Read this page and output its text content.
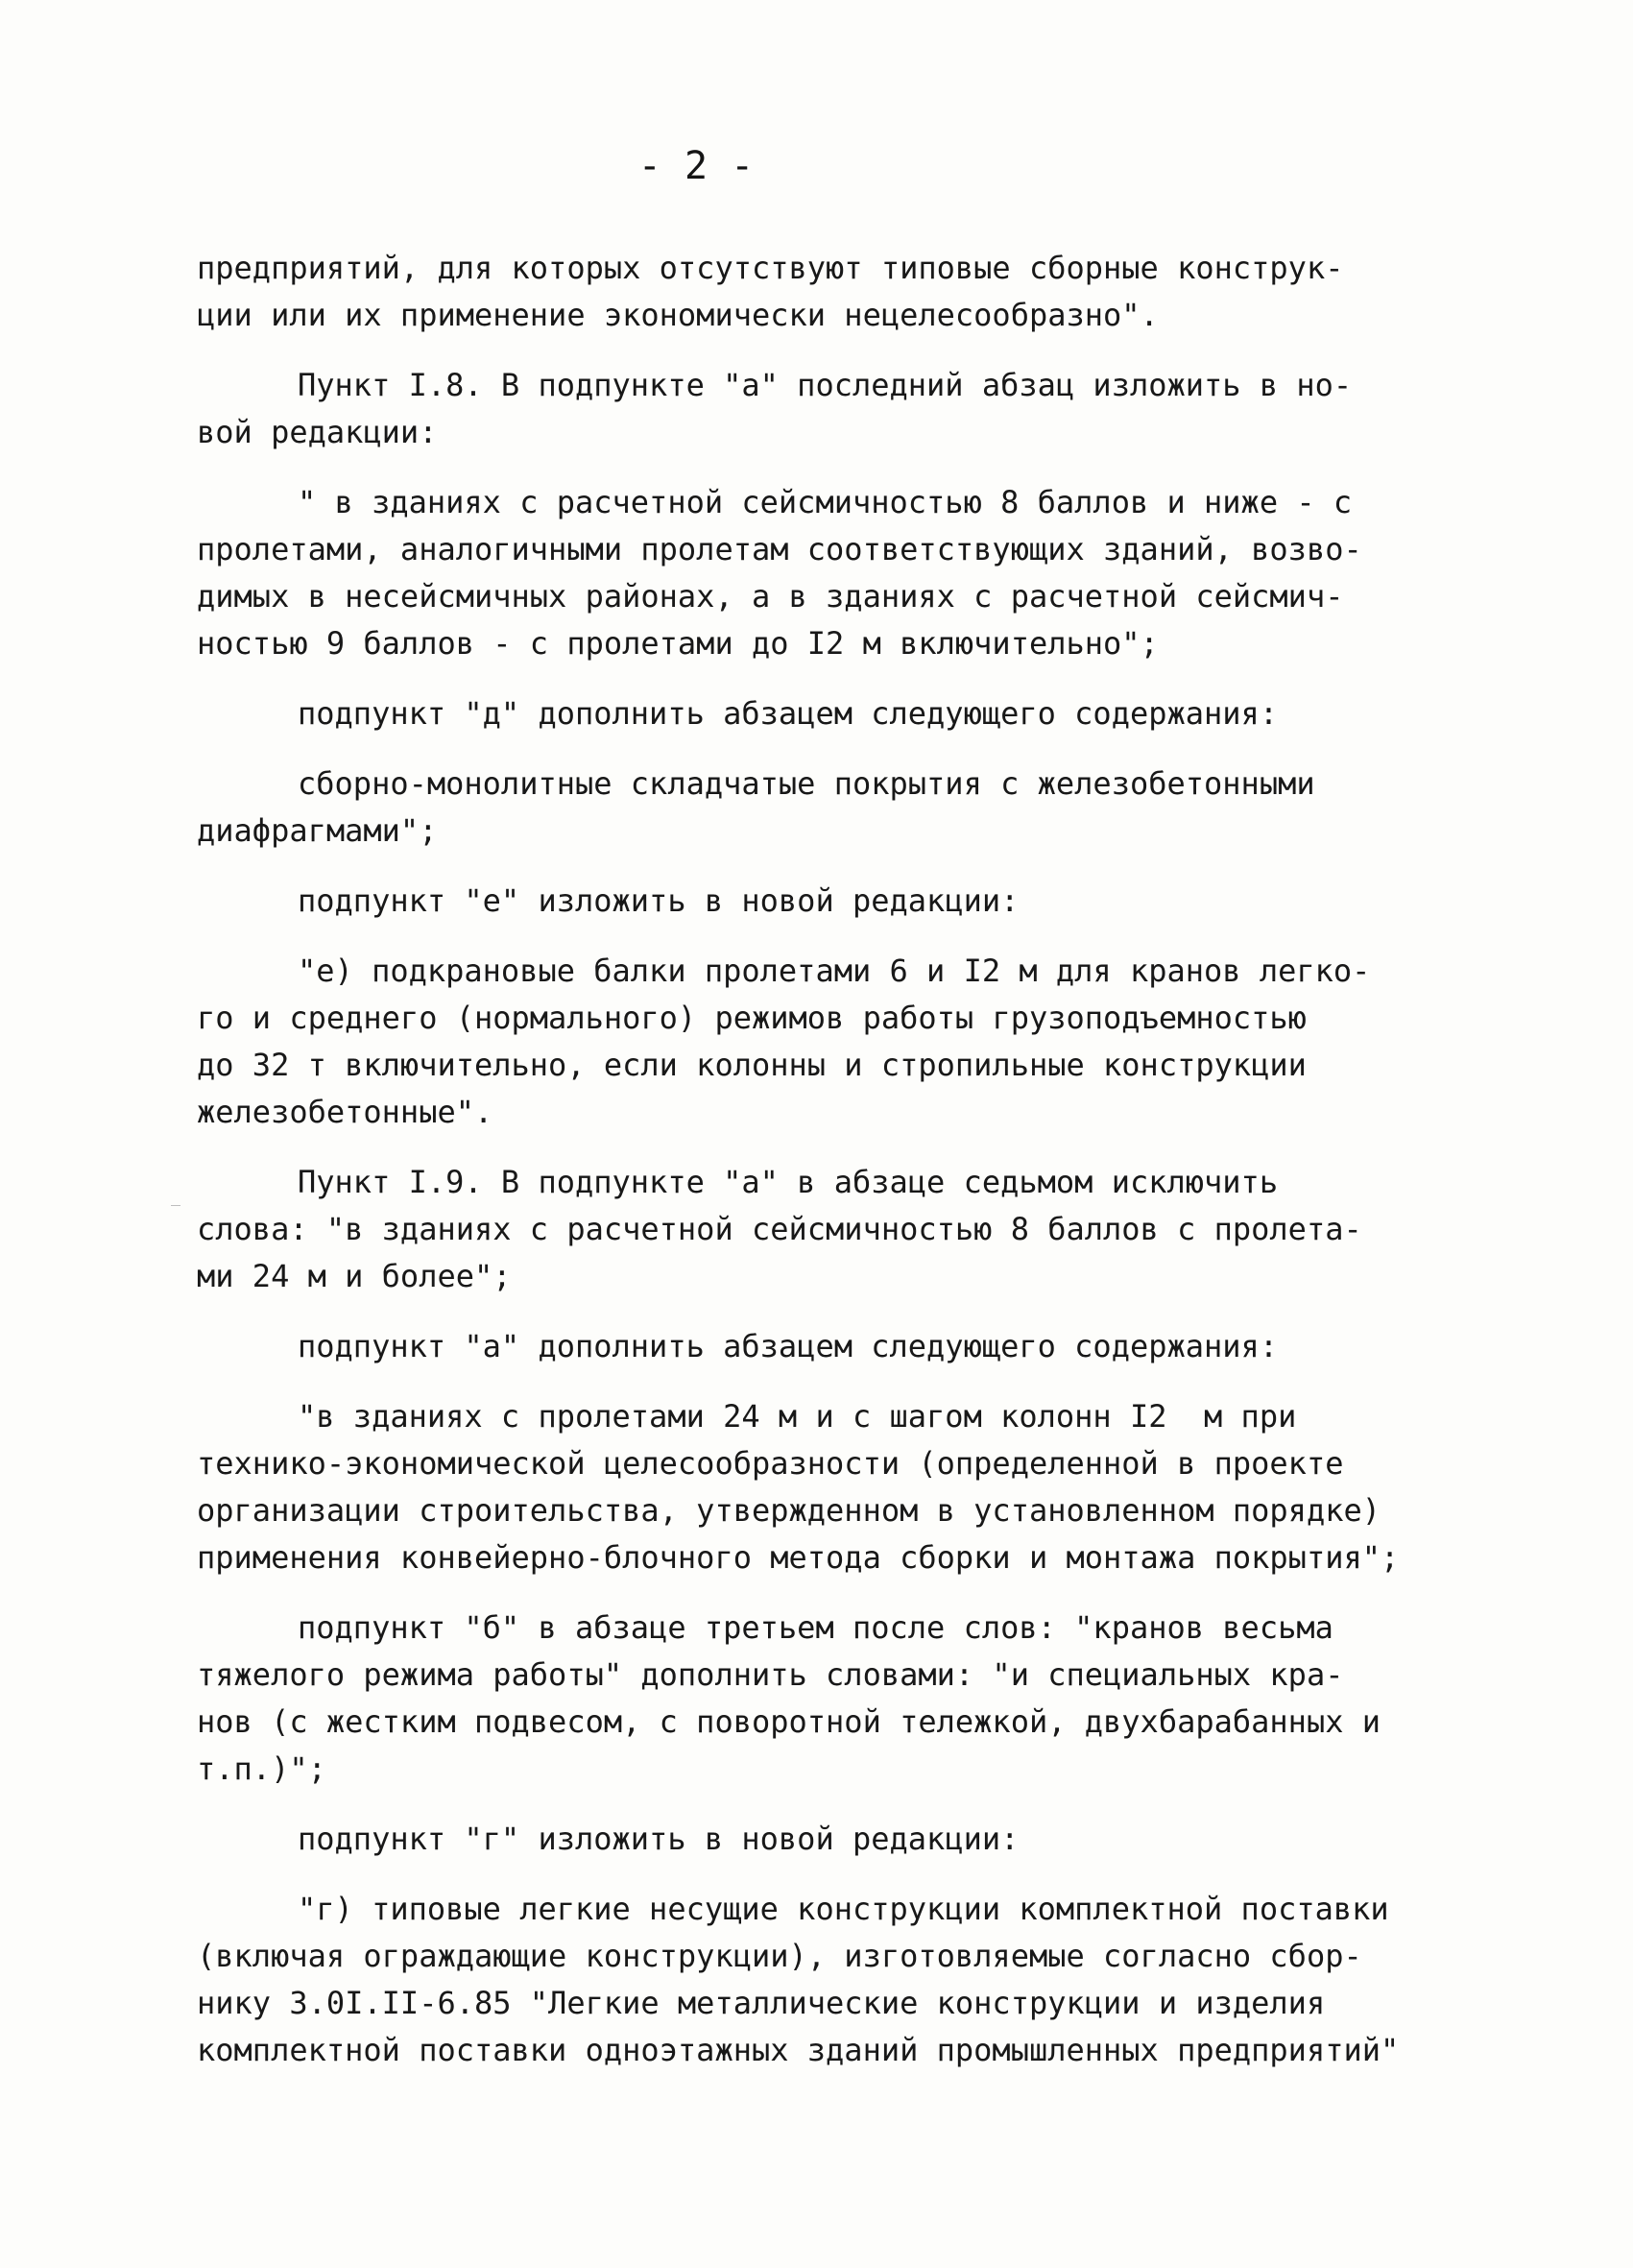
- 2 -
предприятий, для которых отсутствуют типовые сборные конструк-
ции или их применение экономически нецелесообразно".
Пункт I.8. В подпункте "а" последний абзац изложить в но-
вой редакции:
" в зданиях с расчетной сейсмичностью 8 баллов и ниже - с
пролетами, аналогичными пролетам соответствующих зданий, возво-
димых в несейсмичных районах, а в зданиях с расчетной сейсмич-
ностью 9 баллов - с пролетами до I2 м включительно";
подпункт "д" дополнить абзацем следующего содержания:
сборно-монолитные складчатые покрытия с железобетонными
диафрагмами";
подпункт "е" изложить в новой редакции:
"е) подкрановые балки пролетами 6 и I2 м для кранов легко-
го и среднего (нормального) режимов работы грузоподъемностью
до 32 т включительно, если колонны и стропильные конструкции
железобетонные".
Пункт I.9. В подпункте "а" в абзаце седьмом исключить
слова: "в зданиях с расчетной сейсмичностью 8 баллов с пролета-
ми 24 м и более";
подпункт "а" дополнить абзацем следующего содержания:
"в зданиях с пролетами 24 м и с шагом колонн I2  м при
технико-экономической целесообразности (определенной в проекте
организации строительства, утвержденном в установленном порядке)
применения конвейерно-блочного метода сборки и монтажа покрытия";
подпункт "б" в абзаце третьем после слов: "кранов весьма
тяжелого режима работы" дополнить словами: "и специальных кра-
нов (с жестким подвесом, с поворотной тележкой, двухбарабанных и
т.п.)";
подпункт "г" изложить в новой редакции:
"г) типовые легкие несущие конструкции комплектной поставки
(включая ограждающие конструкции), изготовляемые согласно сбор-
нику 3.0I.II-6.85 "Легкие металлические конструкции и изделия
комплектной поставки одноэтажных зданий промышленных предприятий"
